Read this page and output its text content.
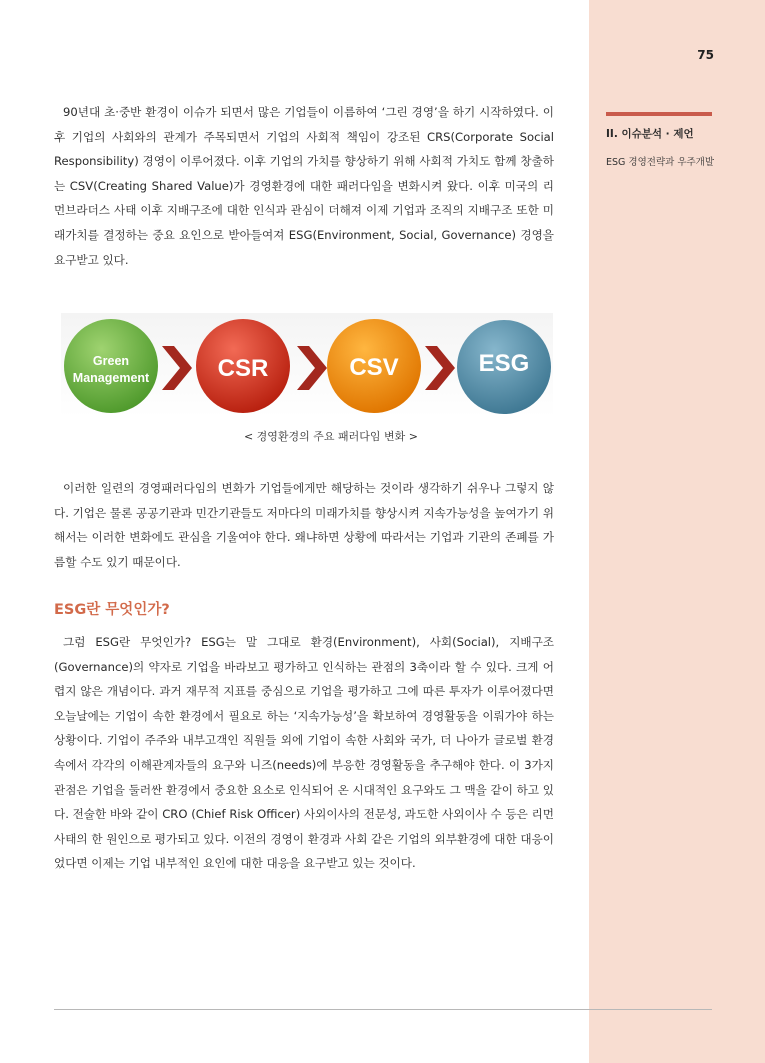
75
II. 이슈분석 · 제언
ESG 경영전략과 우주개발

90년대 초·중반 환경이 이슈가 되면서 많은 기업들이 이름하여 ‘그린 경영’을 하기 시작하였다. 이후 기업의 사회와의 관계가 주목되면서 기업의 사회적 책임이 강조된 CRS(Corporate Social Responsibility) 경영이 이루어졌다. 이후 기업의 가치를 향상하기 위해 사회적 가치도 함께 창출하는 CSV(Creating Shared Value)가 경영환경에 대한 패러다임을 변화시켜 왔다. 이후 미국의 리먼브라더스 사태 이후 지배구조에 대한 인식과 관심이 더해져 이제 기업과 조직의 지배구조 또한 미래가치를 결정하는 중요 요인으로 받아들여져 ESG(Environment, Social, Governance) 경영을 요구받고 있다.

Green
Management	CSR	CSV	ESG
< 경영환경의 주요 패러다임 변화 >

이러한 일련의 경영패러다임의 변화가 기업들에게만 해당하는 것이라 생각하기 쉬우나 그렇지 않다. 기업은 물론 공공기관과 민간기관들도 저마다의 미래가치를 향상시켜 지속가능성을 높여가기 위해서는 이러한 변화에도 관심을 기울여야 한다. 왜냐하면 상황에 따라서는 기업과 기관의 존폐를 가름할 수도 있기 때문이다.

ESG란 무엇인가?

그럼 ESG란 무엇인가? ESG는 말 그대로 환경(Environment), 사회(Social), 지배구조(Governance)의 약자로 기업을 바라보고 평가하고 인식하는 관점의 3축이라 할 수 있다. 크게 어렵지 않은 개념이다. 과거 재무적 지표를 중심으로 기업을 평가하고 그에 따른 투자가 이루어졌다면 오늘날에는 기업이 속한 환경에서 필요로 하는 ‘지속가능성’을 확보하여 경영활동을 이뤄가야 하는 상황이다. 기업이 주주와 내부고객인 직원들 외에 기업이 속한 사회와 국가, 더 나아가 글로벌 환경 속에서 각각의 이해관계자들의 요구와 니즈(needs)에 부응한 경영활동을 추구해야 한다. 이 3가지 관점은 기업을 둘러싼 환경에서 중요한 요소로 인식되어 온 시대적인 요구와도 그 맥을 같이 하고 있다. 전술한 바와 같이 CRO (Chief Risk Officer) 사외이사의 전문성, 과도한 사외이사 수 등은 리먼사태의 한 원인으로 평가되고 있다. 이전의 경영이 환경과 사회 같은 기업의 외부환경에 대한 대응이었다면 이제는 기업 내부적인 요인에 대한 대응을 요구받고 있는 것이다.
